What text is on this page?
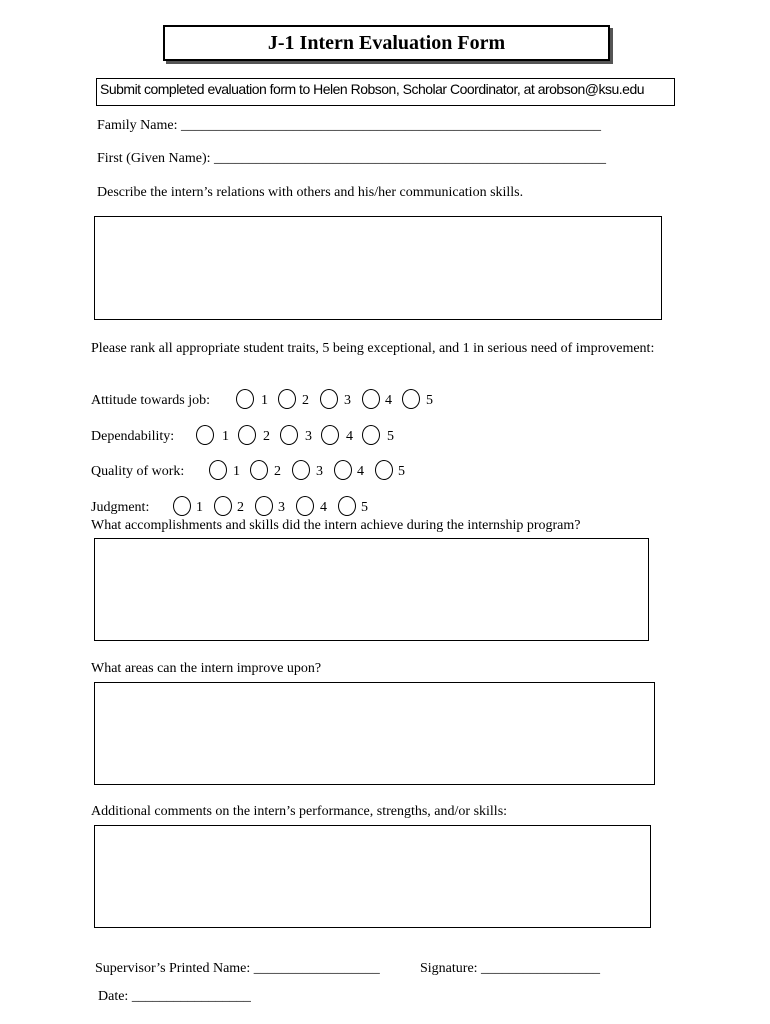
J-1 Intern Evaluation Form
Submit completed evaluation form to Helen Robson, Scholar Coordinator, at arobson@ksu.edu
Family Name: ____________________________________________________________
First (Given Name): ________________________________________________________
Describe the intern’s relations with others and his/her communication skills.
Please rank all appropriate student traits, 5 being exceptional, and 1 in serious need of improvement:
Attitude towards job:	1 2	3 4 5
Dependability:	1 2	3 4 5
Quality of work:	1 2	3 4 5
Judgment:	1 2 3	4 5
What accomplishments and skills did the intern achieve during the internship program?
What areas can the intern improve upon?
Additional comments on the intern’s performance, strengths, and/or skills:
Supervisor’s Printed Name: __________________	Signature: _________________
Date: _________________
